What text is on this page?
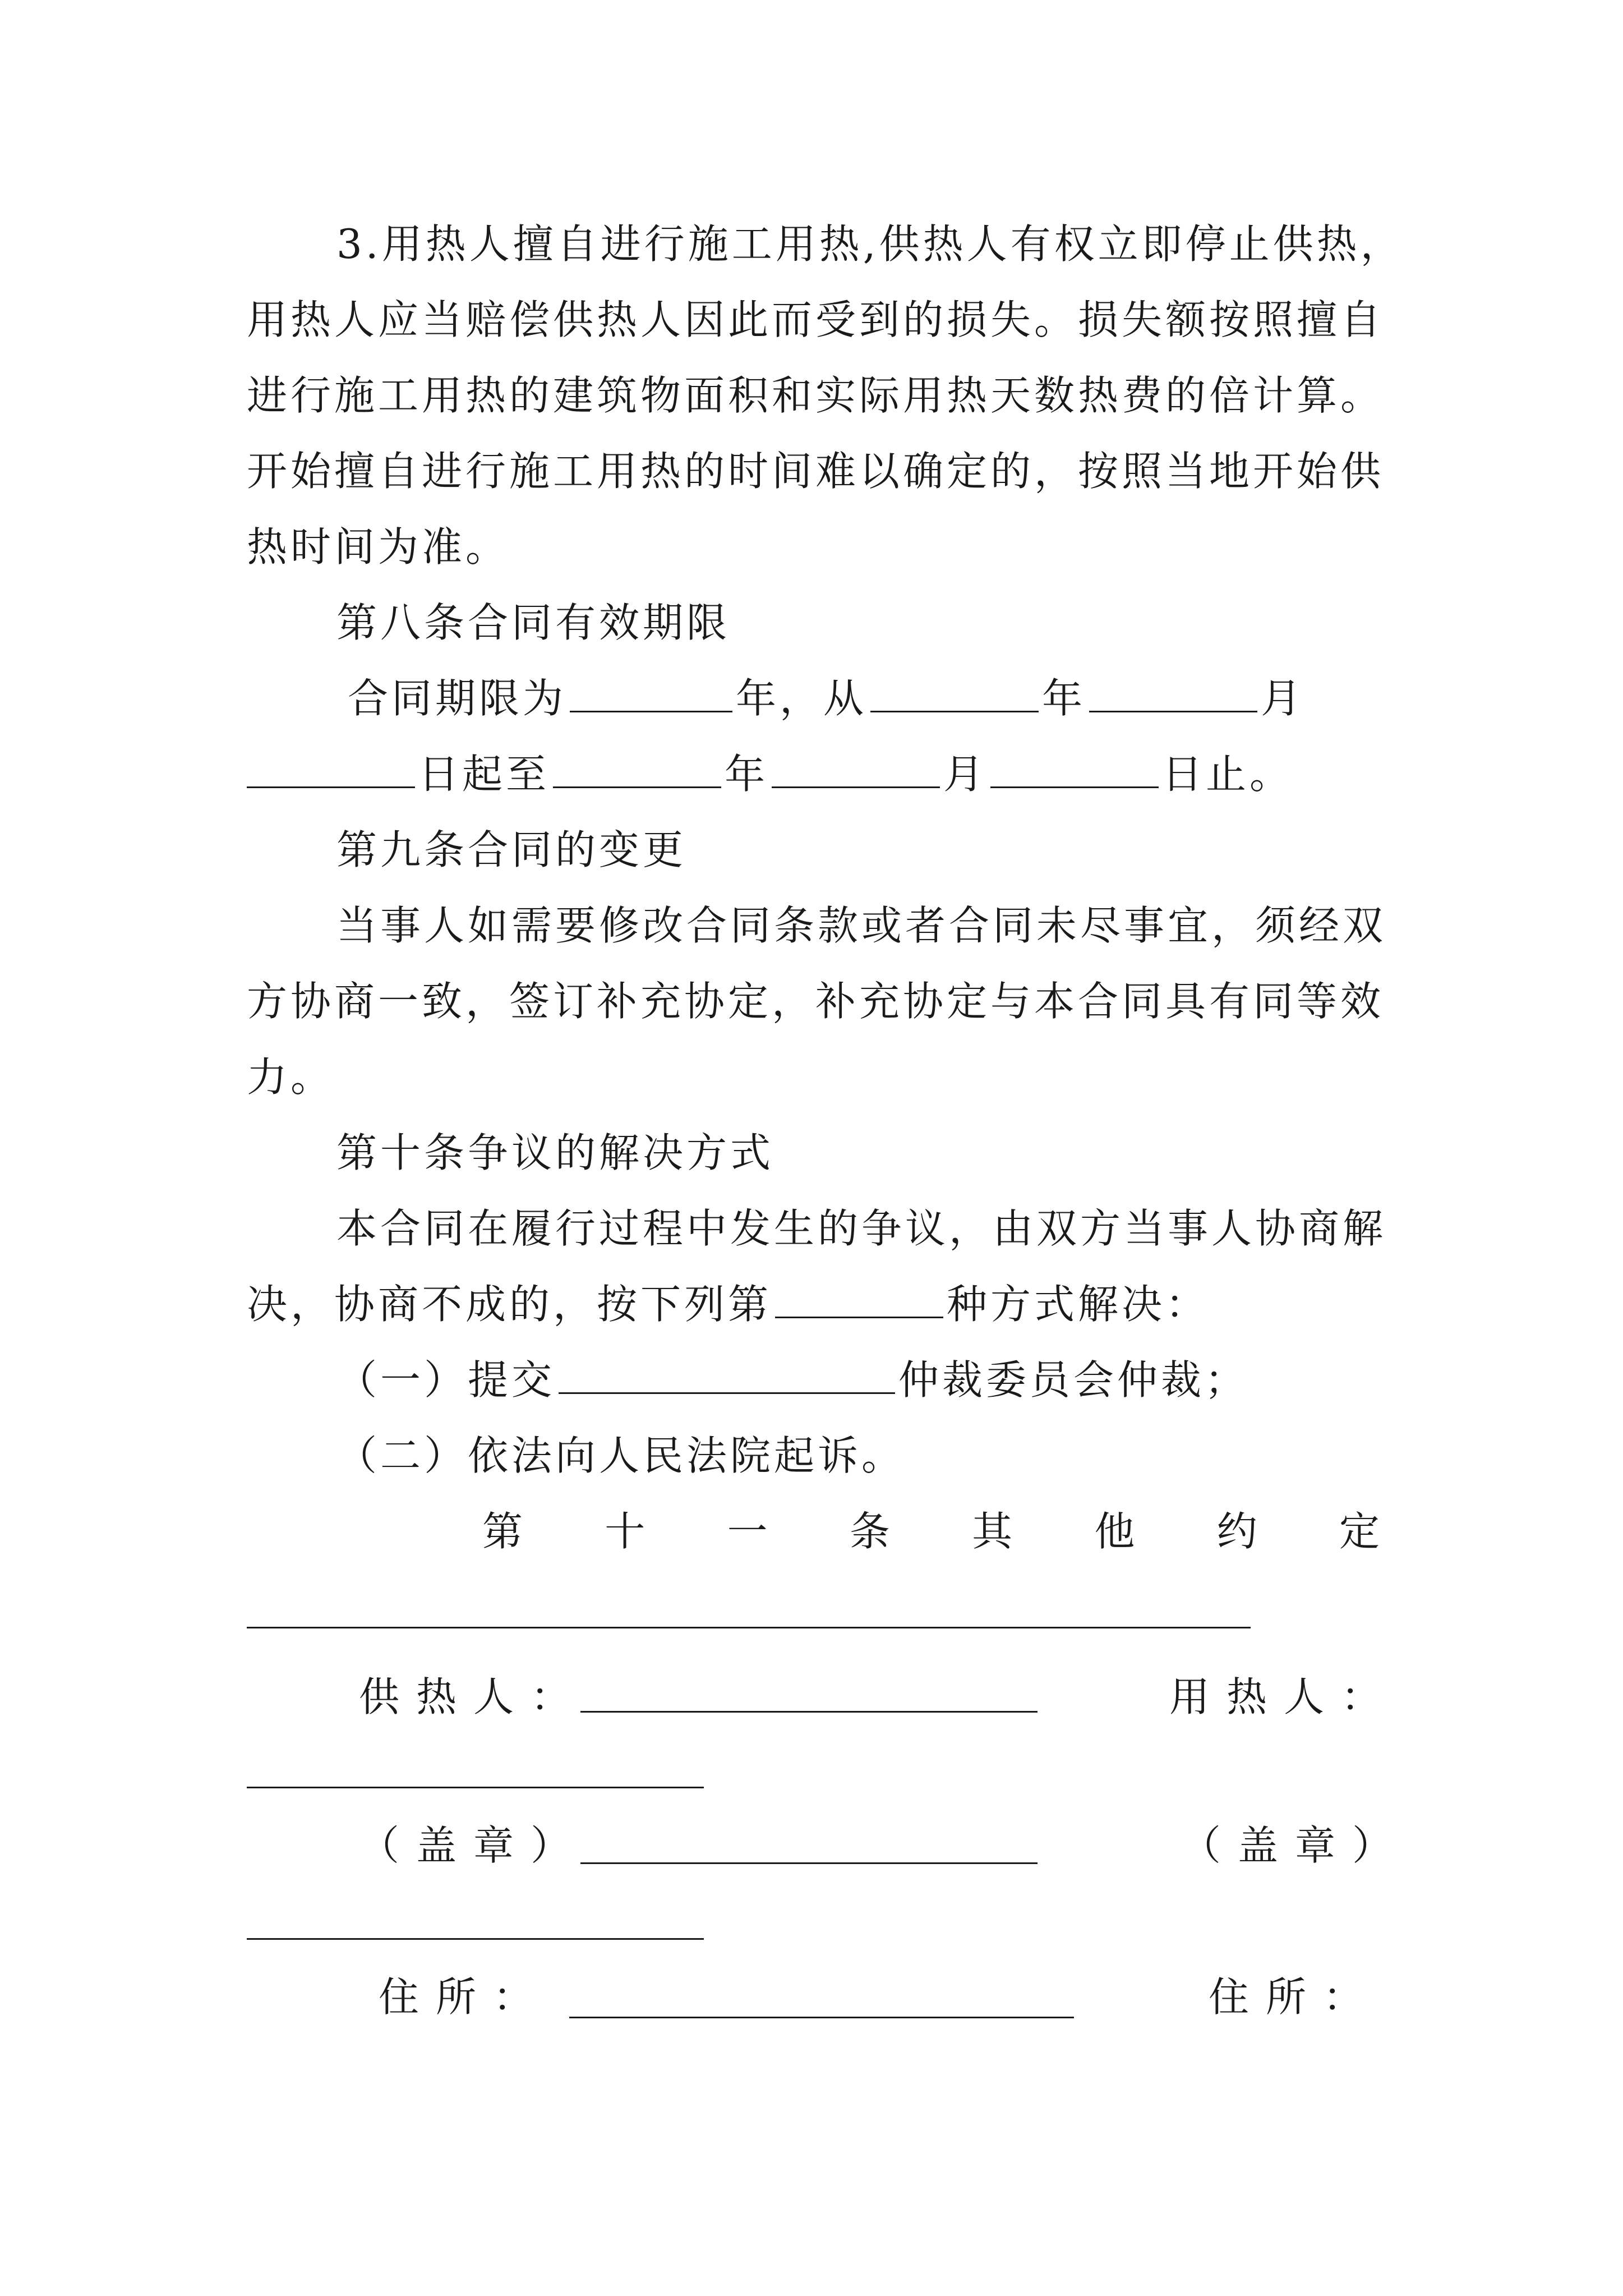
3.用热人擅自进行施工用热,供热人有权立即停止供热，
用热人应当赔偿供热人因此而受到的损失。损失额按照擅自
进行施工用热的建筑物面积和实际用热天数热费的倍计算。
开始擅自进行施工用热的时间难以确定的，按照当地开始供
热时间为准。
第八条合同有效期限
合同期限为	年，从	年	月
日起至	年	月	日止。
第九条合同的变更
当事人如需要修改合同条款或者合同未尽事宜，须经双
方协商一致，签订补充协定，补充协定与本合同具有同等效
力。
第十条争议的解决方式
本合同在履行过程中发生的争议，由双方当事人协商解
决，协商不成的，按下列第	种方式解决：
（一）提交	仲裁委员会仲裁；
（二）依法向人民法院起诉。
第 十 一 条 其 他 约 定
供热人：	用热人：
（盖章）	（盖章）
住所：	住所：
